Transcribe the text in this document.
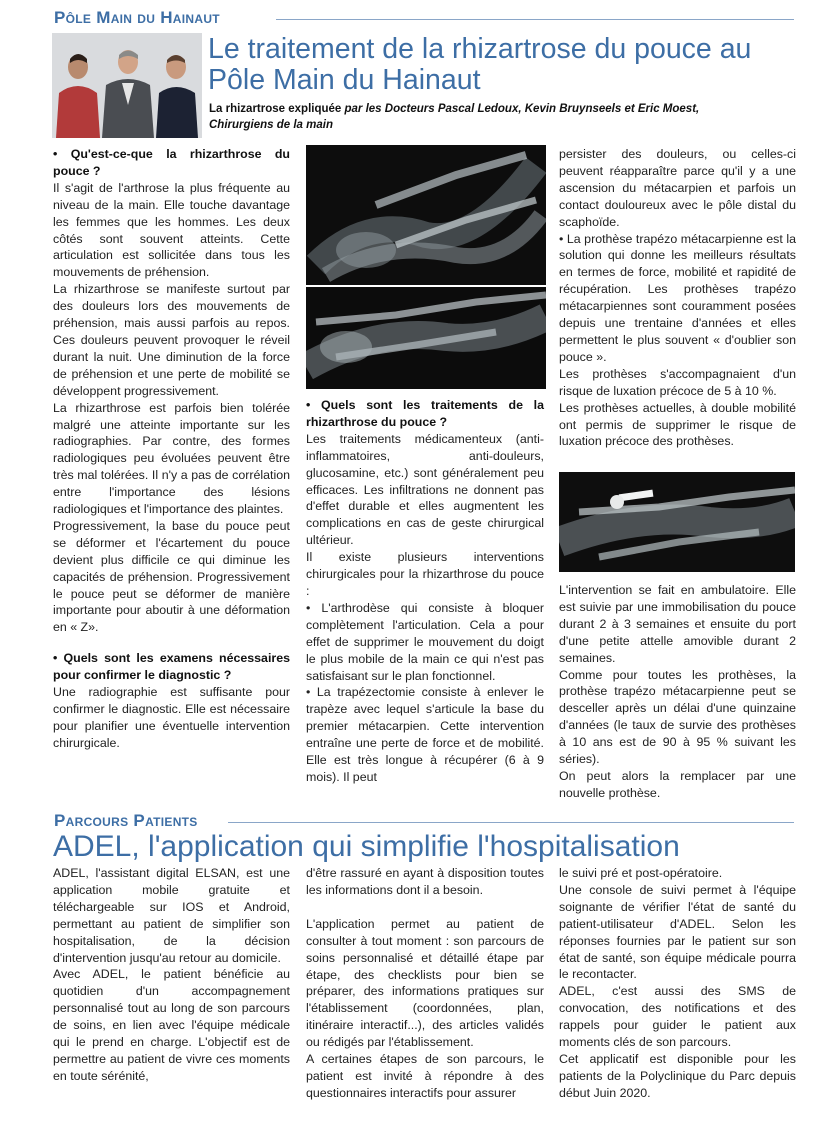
Pôle Main du Hainaut
Le traitement de la rhizartrose du pouce au
Pôle Main du Hainaut
La rhizartrose expliquée par les Docteurs Pascal Ledoux, Kevin Bruynseels et Eric Moest,
Chirurgiens de la main

• Qu'est-ce-que la rhizarthrose du pouce ?

Il s'agit de l'arthrose la plus fréquente au niveau de la main. Elle touche davantage les femmes que les hommes. Les deux côtés sont souvent atteints. Cette articulation est sollicitée dans tous les mouvements de préhension.

La rhizarthrose se manifeste surtout par des douleurs lors des mouvements de préhension, mais aussi parfois au repos. Ces douleurs peuvent provoquer le réveil durant la nuit. Une diminution de la force de préhension et une perte de mobilité se développent progressivement.

La rhizarthrose est parfois bien tolérée malgré une atteinte importante sur les radiographies. Par contre, des formes radiologiques peu évoluées peuvent être très mal tolérées. Il n'y a pas de corrélation entre l'importance des lésions radiologiques et l'importance des plaintes.

Progressivement, la base du pouce peut se déformer et l'écartement du pouce devient plus difficile ce qui diminue les capacités de préhension. Progressivement le pouce peut se déformer de manière importante pour aboutir à une déformation en « Z».

• Quels sont les examens nécessaires pour confirmer le diagnostic ?

Une radiographie est suffisante pour confirmer le diagnostic. Elle est nécessaire pour planifier une éventuelle intervention chirurgicale.

• Quels sont les traitements de la rhizarthrose du pouce ?

Les traitements médicamenteux (anti-inflammatoires, anti-douleurs, glucosamine, etc.) sont généralement peu efficaces. Les infiltrations ne donnent pas d'effet durable et elles augmentent les complications en cas de geste chirurgical ultérieur.

Il existe plusieurs interventions chirurgicales pour la rhizarthrose du pouce :

• L'arthrodèse qui consiste à bloquer complètement l'articulation. Cela a pour effet de supprimer le mouvement du doigt le plus mobile de la main ce qui n'est pas satisfaisant sur le plan fonctionnel.

• La trapézectomie consiste à enlever le trapèze avec lequel s'articule la base du premier métacarpien. Cette intervention entraîne une perte de force et de mobilité. Elle est très longue à récupérer (6 à 9 mois). Il peut

persister des douleurs, ou celles-ci peuvent réapparaître parce qu'il y a une ascension du métacarpien et parfois un contact douloureux avec le pôle distal du scaphoïde.

• La prothèse trapézo métacarpienne est la solution qui donne les meilleurs résultats en termes de force, mobilité et rapidité de récupération. Les prothèses trapézo métacarpiennes sont couramment posées depuis une trentaine d'années et elles permettent le plus souvent « d'oublier son pouce ».

Les prothèses s'accompagnaient d'un risque de luxation précoce de 5 à 10 %.

Les prothèses actuelles, à double mobilité ont permis de supprimer le risque de luxation précoce des prothèses.

L'intervention se fait en ambulatoire. Elle est suivie par une immobilisation du pouce durant 2 à 3 semaines et ensuite du port d'une petite attelle amovible durant 2 semaines.

Comme pour toutes les prothèses, la prothèse trapézo métacarpienne peut se desceller après un délai d'une quinzaine d'années (le taux de survie des prothèses à 10 ans est de 90 à 95 % suivant les séries).

On peut alors la remplacer par une nouvelle prothèse.

Parcours Patients
ADEL, l'application qui simplifie l'hospitalisation

ADEL, l'assistant digital ELSAN, est une application mobile gratuite et téléchargeable sur IOS et Android, permettant au patient de simplifier son hospitalisation, de la décision d'intervention jusqu'au retour au domicile.

Avec ADEL, le patient bénéficie au quotidien d'un accompagnement personnalisé tout au long de son parcours de soins, en lien avec l'équipe médicale qui le prend en charge. L'objectif est de permettre au patient de vivre ces moments en toute sérénité,

d'être rassuré en ayant à disposition toutes les informations dont il a besoin.

L'application permet au patient de consulter à tout moment : son parcours de soins personnalisé et détaillé étape par étape, des checklists pour bien se préparer, des informations pratiques sur l'établissement (coordonnées, plan, itinéraire interactif...), des articles validés ou rédigés par l'établissement.

A certaines étapes de son parcours, le patient est invité à répondre à des questionnaires interactifs pour assurer

le suivi pré et post-opératoire.

Une console de suivi permet à l'équipe soignante de vérifier l'état de santé du patient-utilisateur d'ADEL. Selon les réponses fournies par le patient sur son état de santé, son équipe médicale pourra le recontacter.

ADEL, c'est aussi des SMS de convocation, des notifications et des rappels pour guider le patient aux moments clés de son parcours.

Cet applicatif est disponible pour les patients de la Polyclinique du Parc depuis début Juin 2020.
